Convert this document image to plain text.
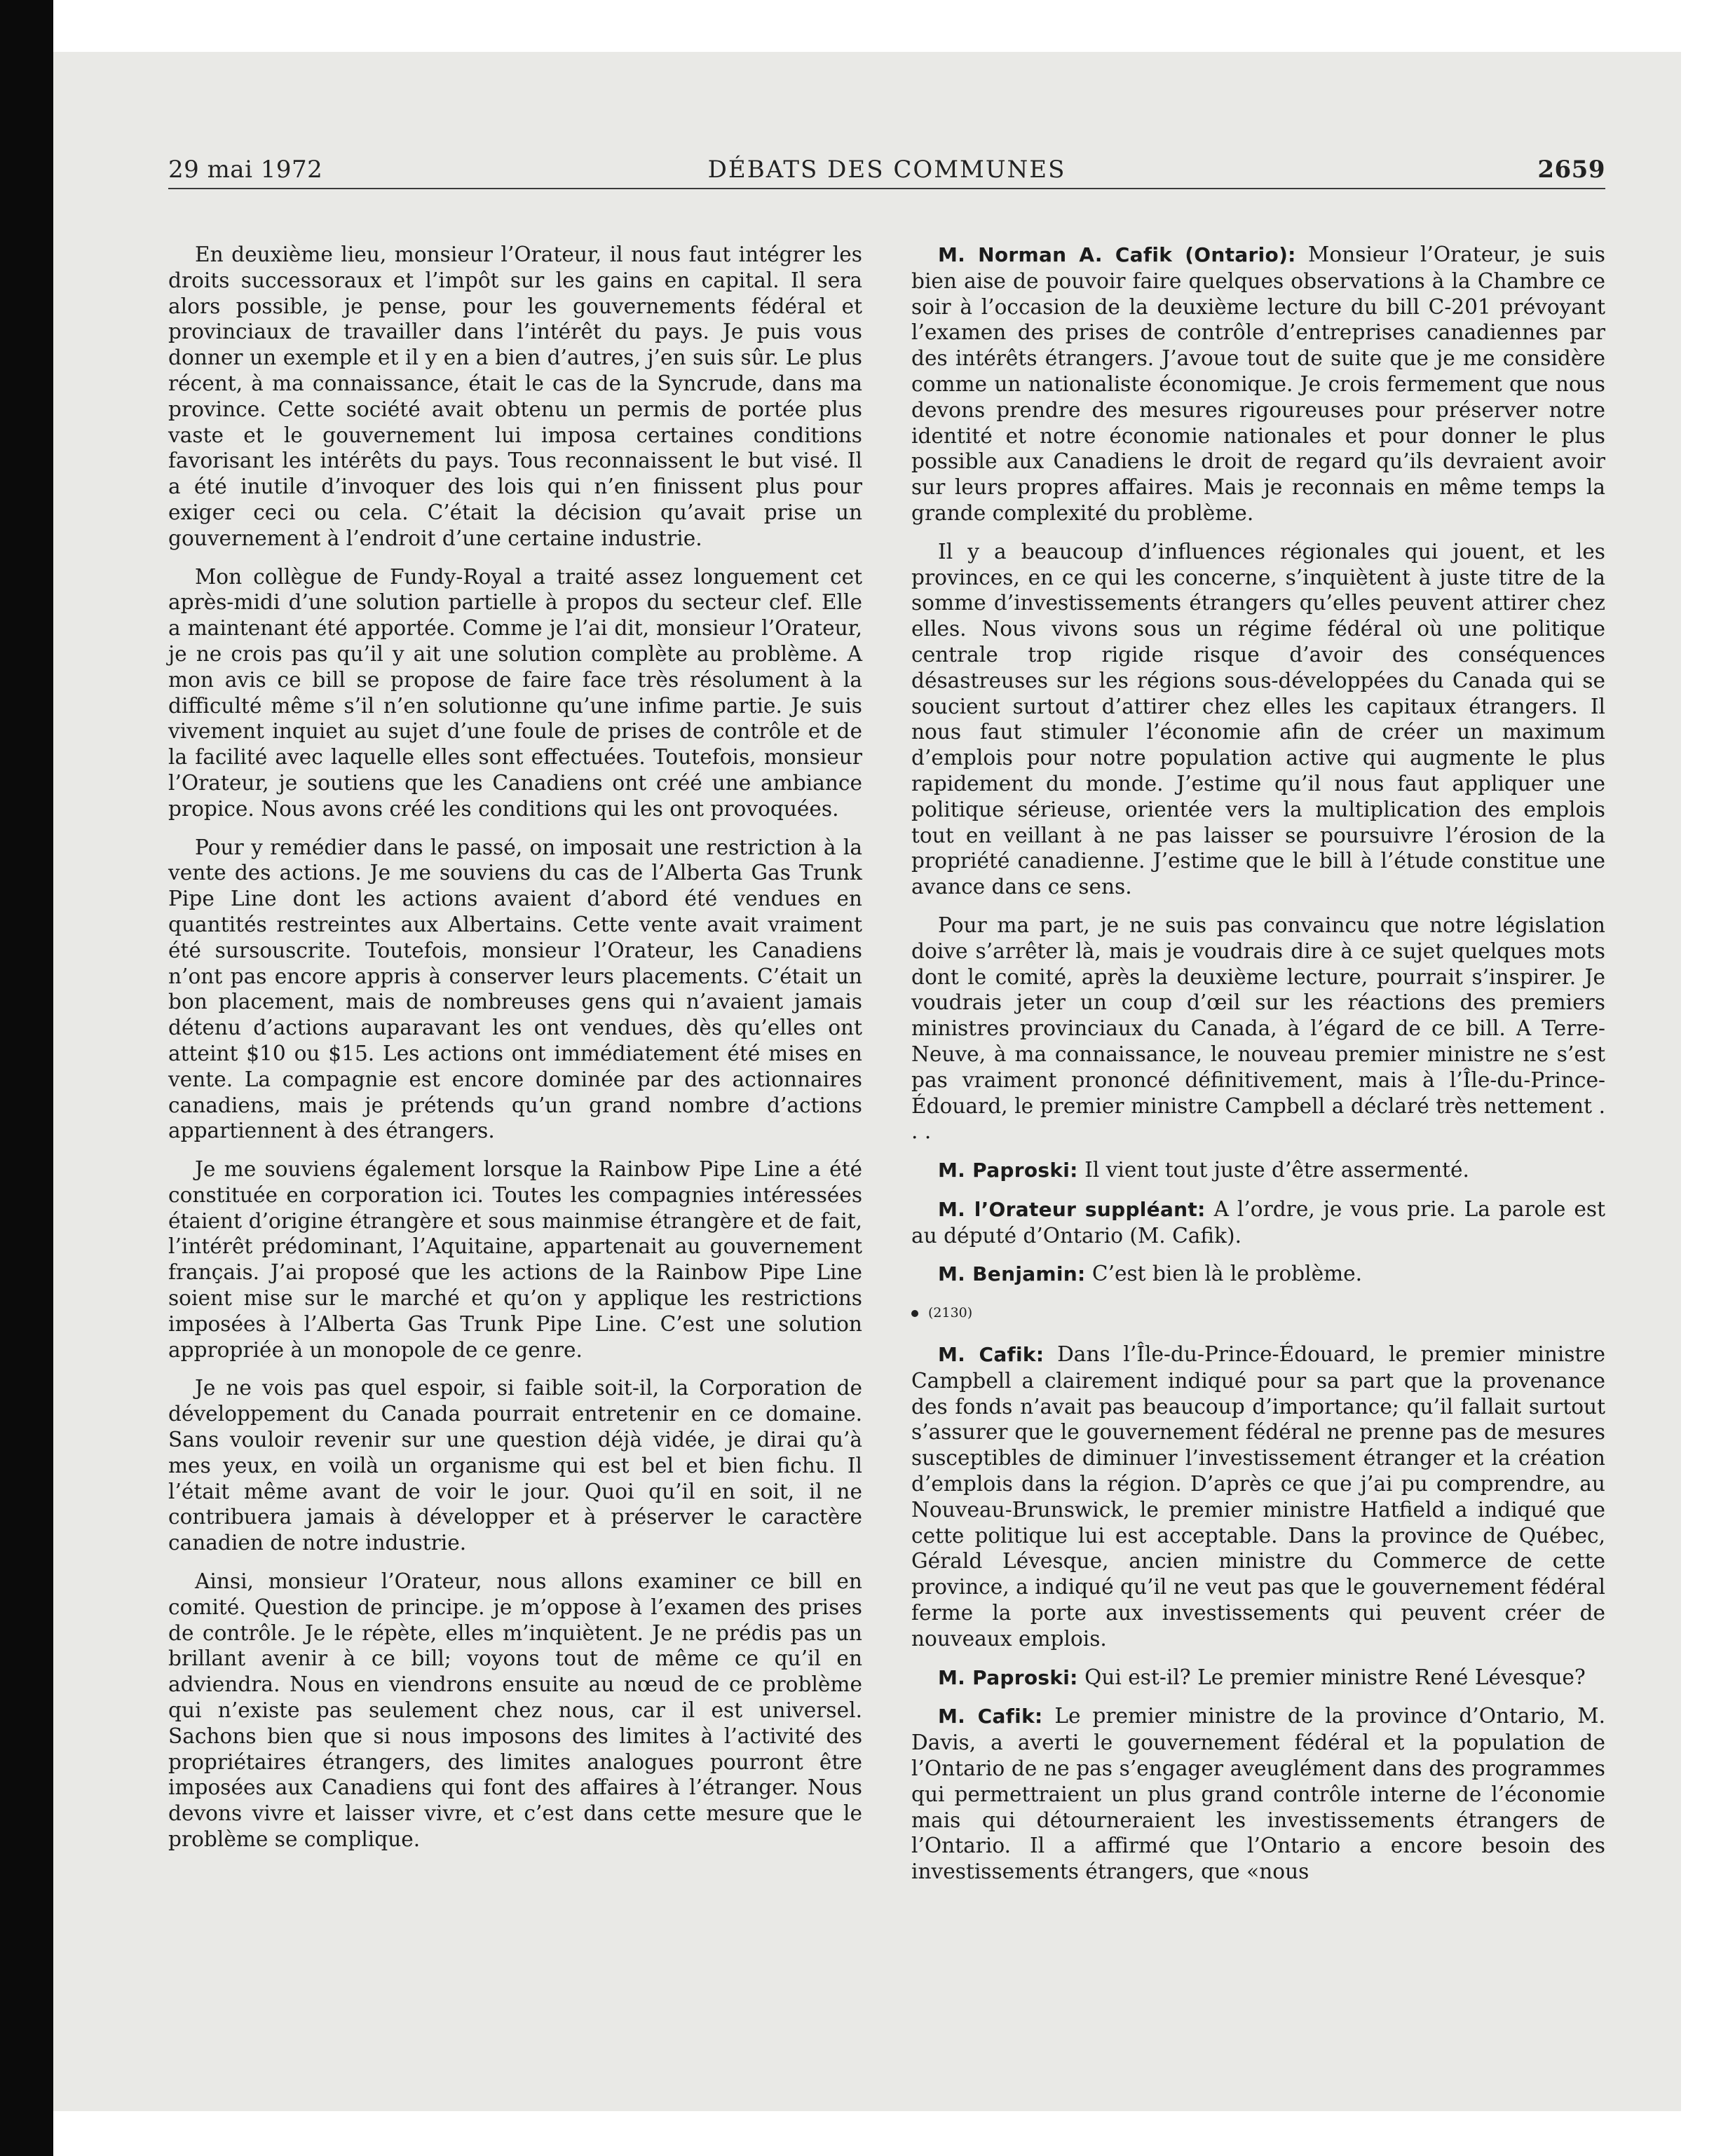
29 mai 1972	DÉBATS DES COMMUNES	2659

En deuxième lieu, monsieur l’Orateur, il nous faut intégrer les droits successoraux et l’impôt sur les gains en capital. Il sera alors possible, je pense, pour les gouvernements fédéral et provinciaux de travailler dans l’intérêt du pays. Je puis vous donner un exemple et il y en a bien d’autres, j’en suis sûr. Le plus récent, à ma connaissance, était le cas de la Syncrude, dans ma province. Cette société avait obtenu un permis de portée plus vaste et le gouvernement lui imposa certaines conditions favorisant les intérêts du pays. Tous reconnaissent le but visé. Il a été inutile d’invoquer des lois qui n’en finissent plus pour exiger ceci ou cela. C’était la décision qu’avait prise un gouvernement à l’endroit d’une certaine industrie.

Mon collègue de Fundy-Royal a traité assez longuement cet après-midi d’une solution partielle à propos du secteur clef. Elle a maintenant été apportée. Comme je l’ai dit, monsieur l’Orateur, je ne crois pas qu’il y ait une solution complète au problème. A mon avis ce bill se propose de faire face très résolument à la difficulté même s’il n’en solutionne qu’une infime partie. Je suis vivement inquiet au sujet d’une foule de prises de contrôle et de la facilité avec laquelle elles sont effectuées. Toutefois, monsieur l’Orateur, je soutiens que les Canadiens ont créé une ambiance propice. Nous avons créé les conditions qui les ont provoquées.

Pour y remédier dans le passé, on imposait une restriction à la vente des actions. Je me souviens du cas de l’Alberta Gas Trunk Pipe Line dont les actions avaient d’abord été vendues en quantités restreintes aux Albertains. Cette vente avait vraiment été sursouscrite. Toutefois, monsieur l’Orateur, les Canadiens n’ont pas encore appris à conserver leurs placements. C’était un bon placement, mais de nombreuses gens qui n’avaient jamais détenu d’actions auparavant les ont vendues, dès qu’elles ont atteint $10 ou $15. Les actions ont immédiatement été mises en vente. La compagnie est encore dominée par des actionnaires canadiens, mais je prétends qu’un grand nombre d’actions appartiennent à des étrangers.

Je me souviens également lorsque la Rainbow Pipe Line a été constituée en corporation ici. Toutes les compagnies intéressées étaient d’origine étrangère et sous mainmise étrangère et de fait, l’intérêt prédominant, l’Aquitaine, appartenait au gouvernement français. J’ai proposé que les actions de la Rainbow Pipe Line soient mise sur le marché et qu’on y applique les restrictions imposées à l’Alberta Gas Trunk Pipe Line. C’est une solution appropriée à un monopole de ce genre.

Je ne vois pas quel espoir, si faible soit-il, la Corporation de développement du Canada pourrait entretenir en ce domaine. Sans vouloir revenir sur une question déjà vidée, je dirai qu’à mes yeux, en voilà un organisme qui est bel et bien fichu. Il l’était même avant de voir le jour. Quoi qu’il en soit, il ne contribuera jamais à développer et à préserver le caractère canadien de notre industrie.

Ainsi, monsieur l’Orateur, nous allons examiner ce bill en comité. Question de principe. je m’oppose à l’examen des prises de contrôle. Je le répète, elles m’inquiètent. Je ne prédis pas un brillant avenir à ce bill; voyons tout de même ce qu’il en adviendra. Nous en viendrons ensuite au nœud de ce problème qui n’existe pas seulement chez nous, car il est universel. Sachons bien que si nous imposons des limites à l’activité des propriétaires étrangers, des limites analogues pourront être imposées aux Canadiens qui font des affaires à l’étranger. Nous devons vivre et laisser vivre, et c’est dans cette mesure que le problème se complique.

M. Norman A. Cafik (Ontario): Monsieur l’Orateur, je suis bien aise de pouvoir faire quelques observations à la Chambre ce soir à l’occasion de la deuxième lecture du bill C-201 prévoyant l’examen des prises de contrôle d’entreprises canadiennes par des intérêts étrangers. J’avoue tout de suite que je me considère comme un nationaliste économique. Je crois fermement que nous devons prendre des mesures rigoureuses pour préserver notre identité et notre économie nationales et pour donner le plus possible aux Canadiens le droit de regard qu’ils devraient avoir sur leurs propres affaires. Mais je reconnais en même temps la grande complexité du problème.

Il y a beaucoup d’influences régionales qui jouent, et les provinces, en ce qui les concerne, s’inquiètent à juste titre de la somme d’investissements étrangers qu’elles peuvent attirer chez elles. Nous vivons sous un régime fédéral où une politique centrale trop rigide risque d’avoir des conséquences désastreuses sur les régions sous-développées du Canada qui se soucient surtout d’attirer chez elles les capitaux étrangers. Il nous faut stimuler l’économie afin de créer un maximum d’emplois pour notre population active qui augmente le plus rapidement du monde. J’estime qu’il nous faut appliquer une politique sérieuse, orientée vers la multiplication des emplois tout en veillant à ne pas laisser se poursuivre l’érosion de la propriété canadienne. J’estime que le bill à l’étude constitue une avance dans ce sens.

Pour ma part, je ne suis pas convaincu que notre législation doive s’arrêter là, mais je voudrais dire à ce sujet quelques mots dont le comité, après la deuxième lecture, pourrait s’inspirer. Je voudrais jeter un coup d’œil sur les réactions des premiers ministres provinciaux du Canada, à l’égard de ce bill. A Terre-Neuve, à ma connaissance, le nouveau premier ministre ne s’est pas vraiment prononcé définitivement, mais à l’Île-du-Prince-Édouard, le premier ministre Campbell a déclaré très nettement . . .

M. Paproski: Il vient tout juste d’être assermenté.

M. l’Orateur suppléant: A l’ordre, je vous prie. La parole est au député d’Ontario (M. Cafik).

M. Benjamin: C’est bien là le problème.

(2130)

M. Cafik: Dans l’Île-du-Prince-Édouard, le premier ministre Campbell a clairement indiqué pour sa part que la provenance des fonds n’avait pas beaucoup d’importance; qu’il fallait surtout s’assurer que le gouvernement fédéral ne prenne pas de mesures susceptibles de diminuer l’investissement étranger et la création d’emplois dans la région. D’après ce que j’ai pu comprendre, au Nouveau-Brunswick, le premier ministre Hatfield a indiqué que cette politique lui est acceptable. Dans la province de Québec, Gérald Lévesque, ancien ministre du Commerce de cette province, a indiqué qu’il ne veut pas que le gouvernement fédéral ferme la porte aux investissements qui peuvent créer de nouveaux emplois.

M. Paproski: Qui est-il? Le premier ministre René Lévesque?

M. Cafik: Le premier ministre de la province d’Ontario, M. Davis, a averti le gouvernement fédéral et la population de l’Ontario de ne pas s’engager aveuglément dans des programmes qui permettraient un plus grand contrôle interne de l’économie mais qui détourneraient les investissements étrangers de l’Ontario. Il a affirmé que l’Ontario a encore besoin des investissements étrangers, que «nous
